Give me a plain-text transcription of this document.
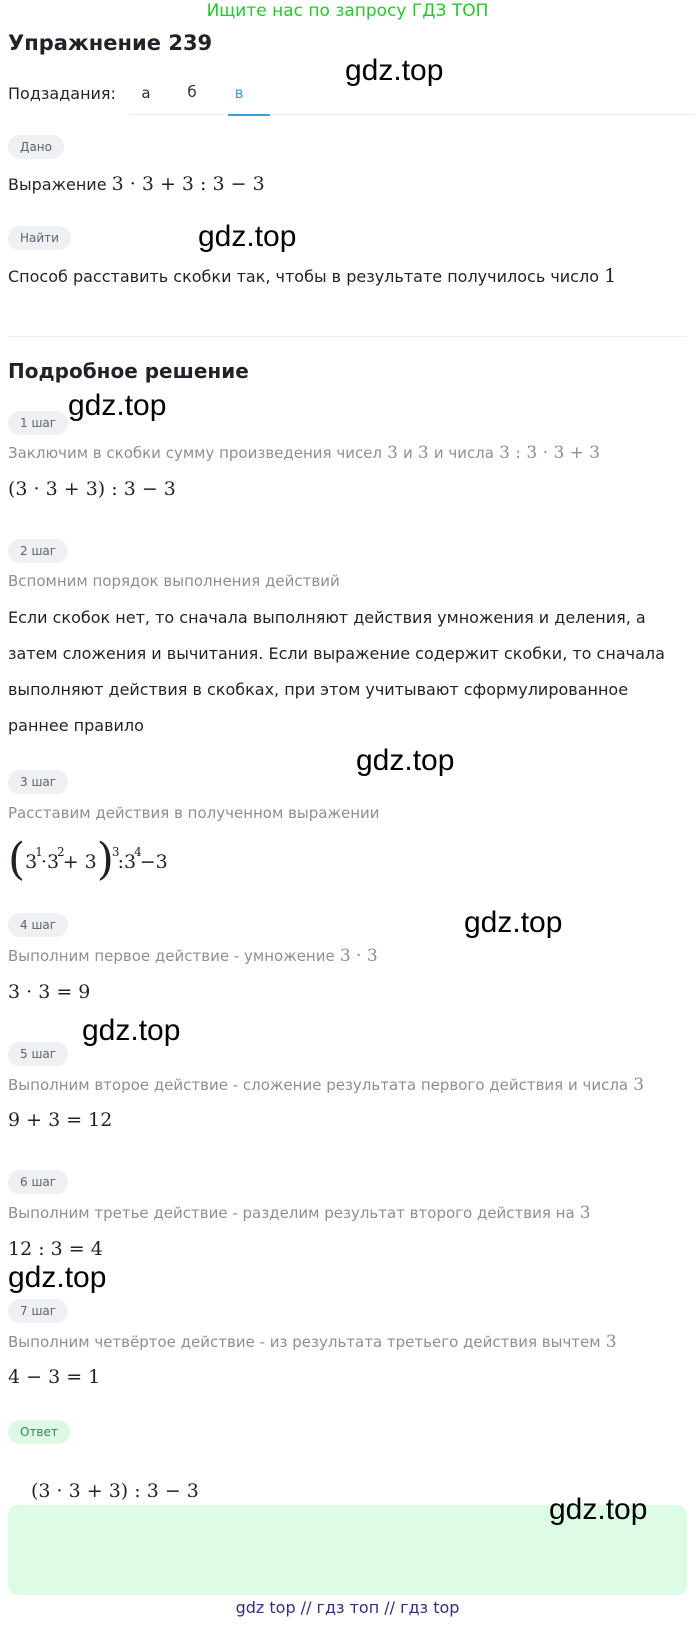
Ищите нас по запросу ГДЗ ТОП
Упражнение 239
gdz.top
Подзадания:	а	б	в
Дано
Выражение 3 · 3 + 3 : 3 − 3
Найти	gdz.top
Способ расставить скобки так, чтобы в результате получилось число 1
Подробное решение
1 шаг
gdz.top
Заключим в скобки сумму произведения чисел 3 и 3 и числа 3 : 3 · 3 + 3
(3 · 3 + 3) : 3 − 3
2 шаг
Вспомним порядок выполнения действий
Если скобок нет, то сначала выполняют действия умножения и деления, а затем сложения и вычитания. Если выражение содержит скобки, то сначала выполняют действия в скобках, при этом учитывают сформулированное раннее правило
gdz.top
3 шаг
Расставим действия в полученном выражении
($3^1\cdot 3^2+$ $3)^3:3^4-3$
4 шаг	gdz.top
Выполним первое действие - умножение 3 · 3
3 · 3 = 9
gdz.top
5 шаг
Выполним второе действие - сложение результата первого действия и числа 3
9 + 3 = 12
6 шаг
Выполним третье действие - разделим результат второго действия на 3
12 : 3 = 4
gdz.top
7 шаг
Выполним четвёртое действие - из результата третьего действия вычтем 3
4 − 3 = 1
Ответ
(3 · 3 + 3) : 3 − 3
gdz.top
gdz top // гдз топ // гдз top
